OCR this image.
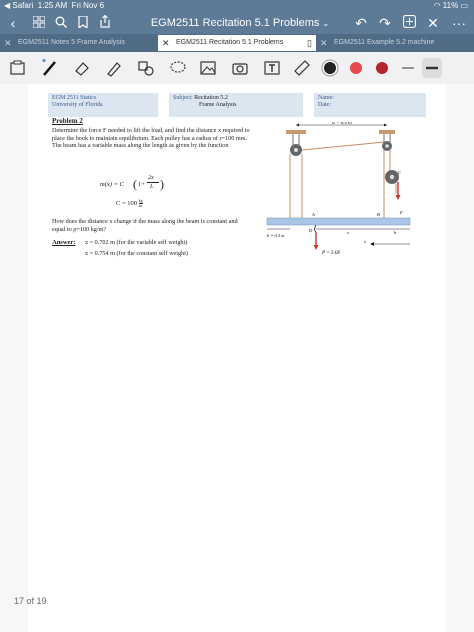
◀ Safari 1:25 AM Fri Nov 6	◠ 11% ▭
‹	EGM2511 Recitation 5.1 Problems ⌄ ↶ ↷	✕ ···
✕ EGM2511 Notes 5 Frame Analysis	✕ EGM2511 Recitation 5.1 Problems	▯ ✕ EGM2511 Example 5.2 machine
EGM 2511 Statics
University of Florida
Subject: Recitation 5.2
Frame Analysis
Name:
Date:
Problem 2
Determine the force F needed to lift the load, and find the distance x required to place the hook to maintain equilibrium. Each pulley has a radius of r=100 mm. The beam has a variable mass along the length as given by the function
m(x) = C ( 1+
2x
L )
$C = 100 \frac{kg}{m}$
How does the distance x change if the mass along the beam is constant and equal to ρ=100 kg/m?
Answer: x = 0.702 m (for the variable self weight)
x = 0.754 m (for the constant self weight)
d = 0.9 m
C
A	B	F
D
P = 3 kN
b = 0.3 m
x	b
x
17 of 19
